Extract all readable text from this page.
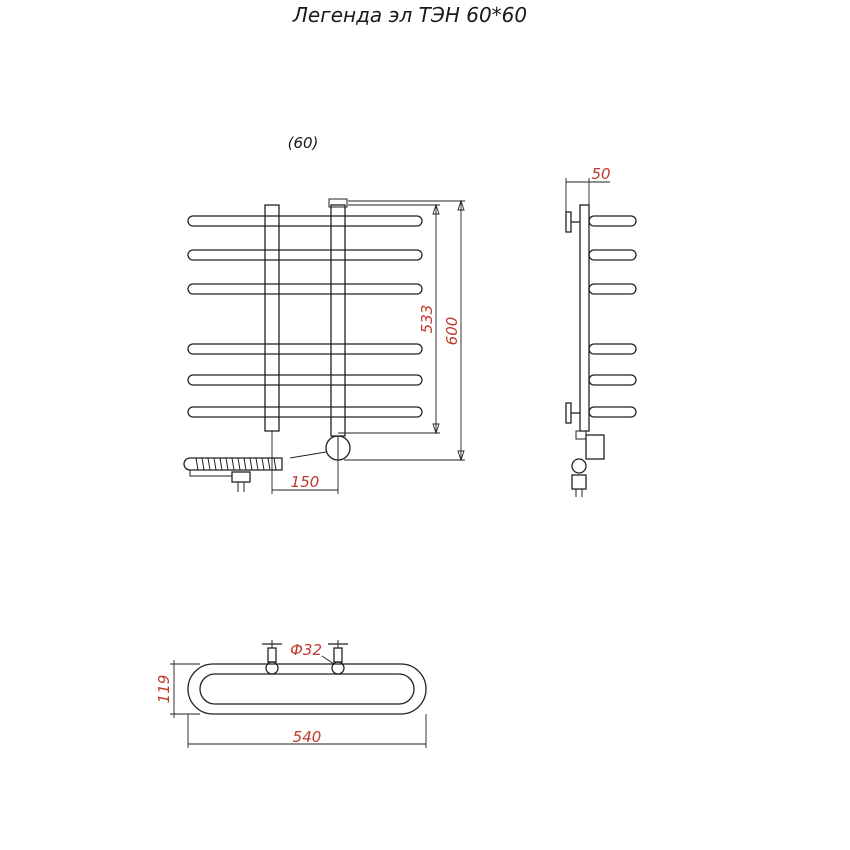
Легенда эл ТЭН 60*60
(60)
533 600
150
50
Ф32
119
540
